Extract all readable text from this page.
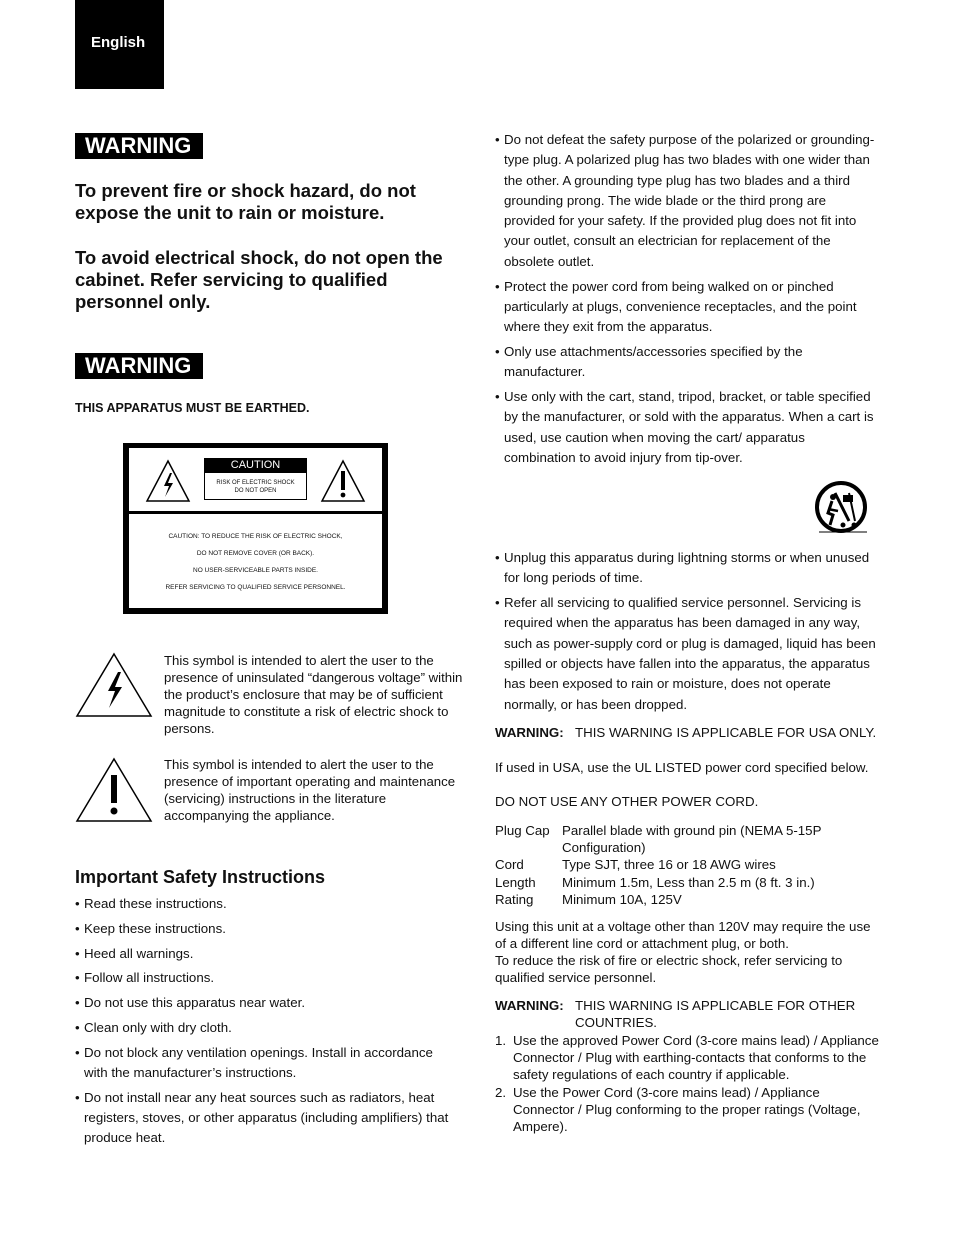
English
WARNING
To prevent fire or shock hazard, do not expose the unit to rain or moisture.
To avoid electrical shock, do not open the cabinet. Refer servicing to qualified personnel only.
WARNING
THIS APPARATUS MUST BE EARTHED.
CAUTION
RISK OF ELECTRIC SHOCK
DO NOT OPEN
CAUTION: TO REDUCE THE RISK OF ELECTRIC SHOCK,
DO NOT REMOVE COVER (OR BACK).
NO USER-SERVICEABLE PARTS INSIDE.
REFER SERVICING TO QUALIFIED SERVICE PERSONNEL.
This symbol is intended to alert the user to the presence of uninsulated “dangerous voltage” within the product’s enclosure that may be of sufficient magnitude to constitute a risk of electric shock to persons.
This symbol is intended to alert the user to the presence of important operating and maintenance (servicing) instructions in the literature accompanying the appliance.
Important Safety Instructions
• Read these instructions.
• Keep these instructions.
• Heed all warnings.
• Follow all instructions.
• Do not use this apparatus near water.
• Clean only with dry cloth.
• Do not block any ventilation openings. Install in accordance with the manufacturer’s instructions.
• Do not install near any heat sources such as radiators, heat registers, stoves, or other apparatus (including amplifiers) that produce heat.
• Do not defeat the safety purpose of the polarized or grounding-type plug. A polarized plug has two blades with one wider than the other. A grounding type plug has two blades and a third grounding prong. The wide blade or the third prong are provided for your safety. If the provided plug does not fit into your outlet, consult an electrician for replacement of the obsolete outlet.
• Protect the power cord from being walked on or pinched particularly at plugs, convenience receptacles, and the point where they exit from the apparatus.
• Only use attachments/accessories specified by the manufacturer.
• Use only with the cart, stand, tripod, bracket, or table specified by the manufacturer, or sold with the apparatus. When a cart is used, use caution when moving the cart/ apparatus combination to avoid injury from tip-over.
• Unplug this apparatus during lightning storms or when unused for long periods of time.
• Refer all servicing to qualified service personnel. Servicing is required when the apparatus has been damaged in any way, such as power-supply cord or plug is damaged, liquid has been spilled or objects have fallen into the apparatus, the apparatus has been exposed to rain or moisture, does not operate normally, or has been dropped.
WARNING: THIS WARNING IS APPLICABLE FOR USA ONLY.
If used in USA, use the UL LISTED power cord specified below.
DO NOT USE ANY OTHER POWER CORD.
Plug Cap	Parallel blade with ground pin (NEMA 5-15P Configuration)
Cord	Type SJT, three 16 or 18 AWG wires
Length	Minimum 1.5m, Less than 2.5 m (8 ft. 3 in.)
Rating	Minimum 10A, 125V
Using this unit at a voltage other than 120V may require the use of a different line cord or attachment plug, or both.
To reduce the risk of fire or electric shock, refer servicing to qualified service personnel.
WARNING: THIS WARNING IS APPLICABLE FOR OTHER COUNTRIES.
1. Use the approved Power Cord (3-core mains lead) / Appliance Connector / Plug with earthing-contacts that conforms to the safety regulations of each country if applicable.
2. Use the Power Cord (3-core mains lead) / Appliance Connector / Plug conforming to the proper ratings (Voltage, Ampere).
